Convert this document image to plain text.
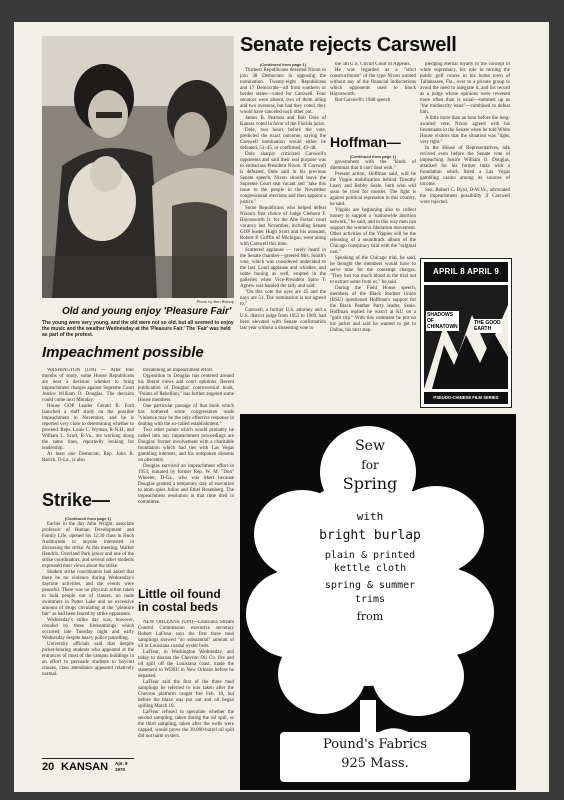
Photo by Ben Bishop
Old and young enjoy 'Pleasure Fair'
The young were very young, and the old were not so old, but all seemed to enjoy the music and the weather Wednesday at the 'Pleasure Fair.' The 'Fair' was held as part of the protest.
Senate rejects Carswell
(Continued from page 1)

Thirteen Republicans deserted Nixon to join 38 Democrats in opposing the nomination. Twenty-eight Republicans and 17 Democrats—all from southern or border states—voted for Carswell. Four senators were absent, two of them ailing and two overseas, but had they voted, they would have canceled each other out.

James B. Pearson and Bob Dole of Kansas voted in favor of the Florida jurist.

Dole, two hours before the vote, predicted the exact outcome, saying the Carswell nomination would either be defeated, 51–45, or confirmed, 49–48.

Dole sharply criticized Carswell's opponents and said their real purpose was to embarrass President Nixon. If Carswell is defeated, Dole said in his previous Senate speech, Nixon should leave the Supreme Court seat vacant and "take this issue to the people in the November congressional elections and then appoint a justice."

Some Republicans who helped defeat Nixon's first choice of Judge Clement F. Haynsworth Jr. for the Abe Fortas' court vacancy last November, including Senate GOP leader Hugh Scott and his assistant, Robert P. Griffin of Michigan, went along with Carswell this time.

Scattered applause — rarely heard in the Senate chamber—greeted Mrs. Smith's vote, which was considered undecided to the last. Loud applause and whistles, and some booing as well, erupted in the galleries when Vice-President Spiro T. Agnew was handed the tally and said:

"On this vote the ayes are 45 and the nays are 51. The nomination is not agreed to."

Carswell, a former U.S. attorney and a U.S. district judge from 1953 to 1969, had been elevated with Senate confirmation last year without a dissenting vote to

the 5th U.S. Circuit Court of Appeals.

He was regarded as a "strict constructionist" of the type Nixon wanted without any of the financial indiscretions which opponents used to block Haynsworth.

But Carswell's 1948 speech

Hoffman—
(Continued from page 1)

government with the "kinds of dilemmas that it can't deal with."

Present action, Hoffman said, will be the Yippie mobilization behind Timothy Leary and Bobby Seale, both who will soon be tried for murder. The fight is against political repression in this country, he said.

Yippies are beginning also to collect money to support a "nationwide abortion network," he said, and in this way men can support the women's liberation movement. Other activities of the Yippies will be the releasing of a soundtrack album of the Chicago conspiracy trial with the "original cast."

Speaking of the Chicago trial, he said, he thought the members would have to serve time for the contempt charges. "They lost too much blood in the trial not to extract some from us," he said.

During the Field House speech, members of the Black Student Union (BSU) questioned Hoffman's support for the Black Panther Party leader, Seale. Hoffman replied he wasn't at KU on a "guilt trip." With this comment he put on his jacket and said he wanted to get to Dallas, his next stop.

pledging eternal loyalty to the concept of white supremacy, his role in turning the public golf course in his home town of Tallahassee, Fla., over to a private group to avoid the need to integrate it, and his record as a judge whose opinions were reversed more often than is usual—summed up as "the mediocrity issue"—combined to defeat him.

A little more than an hour before the long-awaited vote, Nixon agreed with his lieutenants in the Senate when he told White House visitors that the situation was "tight, very tight."

In the House of Representatives, talk revived even before the Senate vote of impeaching Justice William O. Douglas, attacked for his former links with a foundation which listed a Las Vegas gambling casino among its sources of income.

Sen. Robert C. Byrd, D-W.Va., advocated the impeachment possibility if Carswell were rejected.

APRIL 8 APRIL 9
SHADOWS
OF
CHINATOWN
THE GOOD
EARTH
PSEUDO-CHINESE FILM SERIES
Impeachment possible

WASHINGTON (UPI) — After four months of study, some House Republicans are near a decision whether to bring impeachment charges against Supreme Court Justice William O. Douglas. The decision could come next Monday.

House GOP Leader Gerald R. Ford launched a staff study on the possible impeachment in November, and he is reported very close to determining whether to proceed. Reps. Louis C. Wyman, R-N.H., and William L. Scott, R-Va., are working along the same lines, reportedly looking for leadership.

At least one Democrat, Rep. John R. Rarick, D-La., is also

threatening an impeachment effort.

Opposition to Douglas has centered around his liberal views and court opinions. Recent publication of Douglas' controversial book, "Points of Rebellion," has further angered some House members.

One particular passage of that book which has bothered some congressmen reads "violence may be the only effective response in dealing with the so-called establishment."

Two other points which would probably be called into any impeachment proceedings are Douglas' former involvement with a charitable foundation which had ties with Las Vegas gambling interests, and his outspoken dissents on obscenity.

Douglas survived an impeachment effort in 1953, initiated by former Rep. W. M. "Don" Wheeler, D-Ga., who was irked because Douglas granted a temporary stay of execution to atom spies Julius and Ethel Rosenberg. The impeachment resolution at that time died in committee.

Strike—
(Continued from page 1)

Earlier in the day John Wright, associate professor of Human Development and Family Life, opened his 12:30 class in Hoch Auditorium to anyone interested in discussing the strike. At this meeting, Walker Hendrix, Overland Park junior and one of the strike coordinators, and several other students expressed their views about the strike.

Student strike coordinators had asked that there be no violence during Wednesday's daytime activities, and the events were peaceful. There was no physical action taken to hold people out of classes, no nude swimmers in Potter Lake and no excessive amount of drugs circulating at the "pleasure fair" as had been feared by strike opponents.

Wednesday's strike day was, however, clouded by three firebombings which occurred late Tuesday night and early Wednesday despite heavy police patrolling.

University officials said that despite picket-bearing students who appeared at the entrances of most of the campus buildings in an effort to persuade students to boycott classes, class attendance appeared relatively normal.

Little oil found
in costal beds

NEW ORLEANS (UPI)—Louisiana Stream Control Commission executive secretary Robert LaFleur says the first three mud samplings showed "no substantial" amount of oil in Louisiana coastal oyster beds.

LaFleur, in Washington Wednesday, and today to discuss the Chevron Oil Co. fire and oil spill off the Louisiana coast, made the statement to WDSU in New Orleans before he departed.

LaFleur said the first of the three mud samplings he referred to was taken after the Chevron platform caught fire Feb. 10, but before the blaze was put out and oil began spilling March 10.

LaFleur refused to speculate whether the second sampling, taken during the oil spill, or the third sampling, taken after the wells were capped, would prove the 30,000-barrel oil spill did not harm oysters.

20 KANSAN Apr. 9
1970
Sew
for
Spring
with
bright burlap
plain & printed
kettle cloth
spring & summer
trims
from
Pound's Fabrics
925 Mass.
